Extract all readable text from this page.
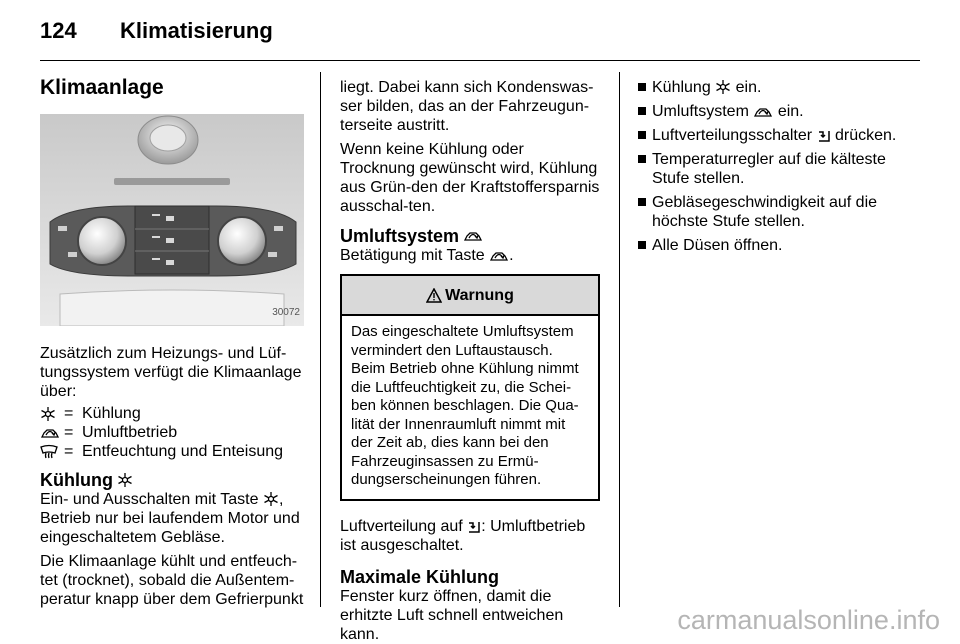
124 Klimatisierung
Klimaanlage
30072

Zusätzlich zum Heizungs- und Lüf-tungssystem verfügt die Klimaanlage über:

= Kühlung
= Umluftbetrieb
= Entfeuchtung und Enteisung
Kühlung

Ein- und Ausschalten mit Taste , Betrieb nur bei laufendem Motor und eingeschaltetem Gebläse.

Die Klimaanlage kühlt und entfeuch-tet (trocknet), sobald die Außentem-peratur knapp über dem Gefrierpunkt

liegt. Dabei kann sich Kondenswas-ser bilden, das an der Fahrzeugun-terseite austritt.

Wenn keine Kühlung oder Trocknung gewünscht wird, Kühlung aus Grün-den der Kraftstoffersparnis ausschal-ten.

Umluftsystem

Betätigung mit Taste .

Warnung
Das eingeschaltete Umluftsystem vermindert den Luftaustausch. Beim Betrieb ohne Kühlung nimmt die Luftfeuchtigkeit zu, die Schei-ben können beschlagen. Die Qua-lität der Innenraumluft nimmt mit der Zeit ab, dies kann bei den Fahrzeuginsassen zu Ermü-dungserscheinungen führen.

Luftverteilung auf : Umluftbetrieb ist ausgeschaltet.

Maximale Kühlung

Fenster kurz öffnen, damit die erhitzte Luft schnell entweichen kann.

Kühlung ein.
Umluftsystem ein.
Luftverteilungsschalter drücken.
Temperaturregler auf die kälteste Stufe stellen.
Gebläsegeschwindigkeit auf die höchste Stufe stellen.
Alle Düsen öffnen.
carmanualsonline.info
